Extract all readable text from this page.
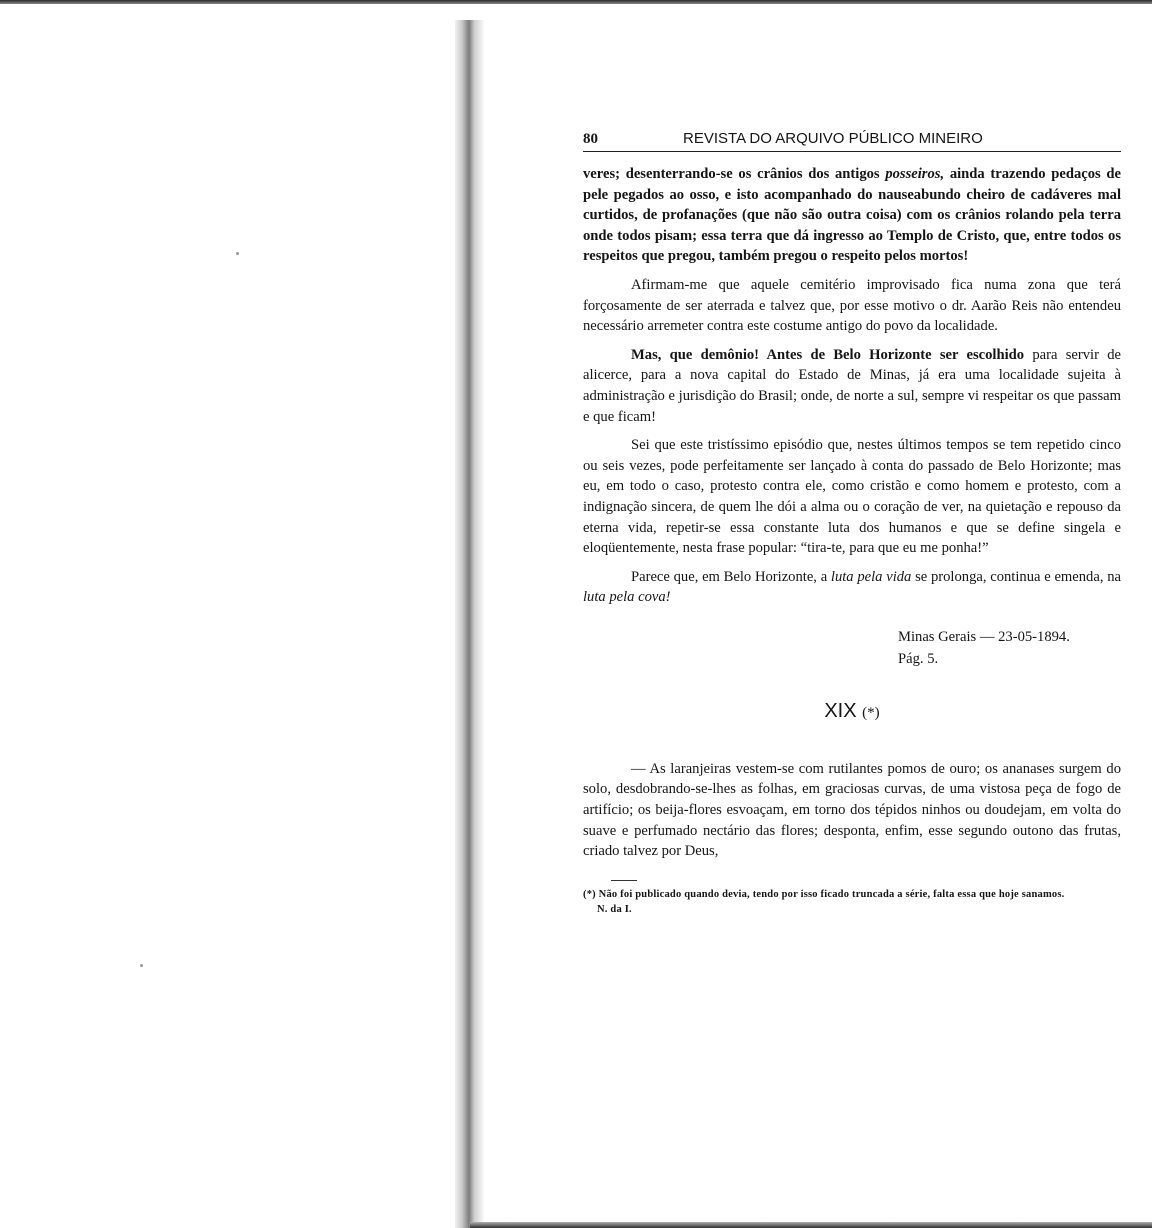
80	REVISTA DO ARQUIVO PÚBLICO MINEIRO

veres; desenterrando-se os crânios dos antigos posseiros, ainda trazendo pedaços de pele pegados ao osso, e isto acompanhado do nauseabundo cheiro de cadáveres mal curtidos, de profanações (que não são outra coisa) com os crânios rolando pela terra onde todos pisam; essa terra que dá ingresso ao Templo de Cristo, que, entre todos os respeitos que pregou, também pregou o respeito pelos mortos!

Afirmam-me que aquele cemitério improvisado fica numa zona que terá forçosamente de ser aterrada e talvez que, por esse motivo o dr. Aarão Reis não entendeu necessário arremeter contra este costume antigo do povo da localidade.

Mas, que demônio! Antes de Belo Horizonte ser escolhido para servir de alicerce, para a nova capital do Estado de Minas, já era uma localidade sujeita à administração e jurisdição do Brasil; onde, de norte a sul, sempre vi respeitar os que passam e que ficam!

Sei que este tristíssimo episódio que, nestes últimos tempos se tem repetido cinco ou seis vezes, pode perfeitamente ser lançado à conta do passado de Belo Horizonte; mas eu, em todo o caso, protesto contra ele, como cristão e como homem e protesto, com a indignação sincera, de quem lhe dói a alma ou o coração de ver, na quietação e repouso da eterna vida, repetir-se essa constante luta dos humanos e que se define singela e eloqüentemente, nesta frase popular: “tira-te, para que eu me ponha!”

Parece que, em Belo Horizonte, a luta pela vida se prolonga, continua e emenda, na luta pela cova!

Minas Gerais — 23-05-1894.
Pág. 5.
XIX (*)

— As laranjeiras vestem-se com rutilantes pomos de ouro; os ananases surgem do solo, desdobrando-se-lhes as folhas, em graciosas curvas, de uma vistosa peça de fogo de artifício; os beija-flores esvoaçam, em torno dos tépidos ninhos ou doudejam, em volta do suave e perfumado nectário das flores; desponta, enfim, esse segundo outono das frutas, criado talvez por Deus,

(*) Não foi publicado quando devia, tendo por isso ficado truncada a série, falta essa que hoje sanamos.
N. da I.
